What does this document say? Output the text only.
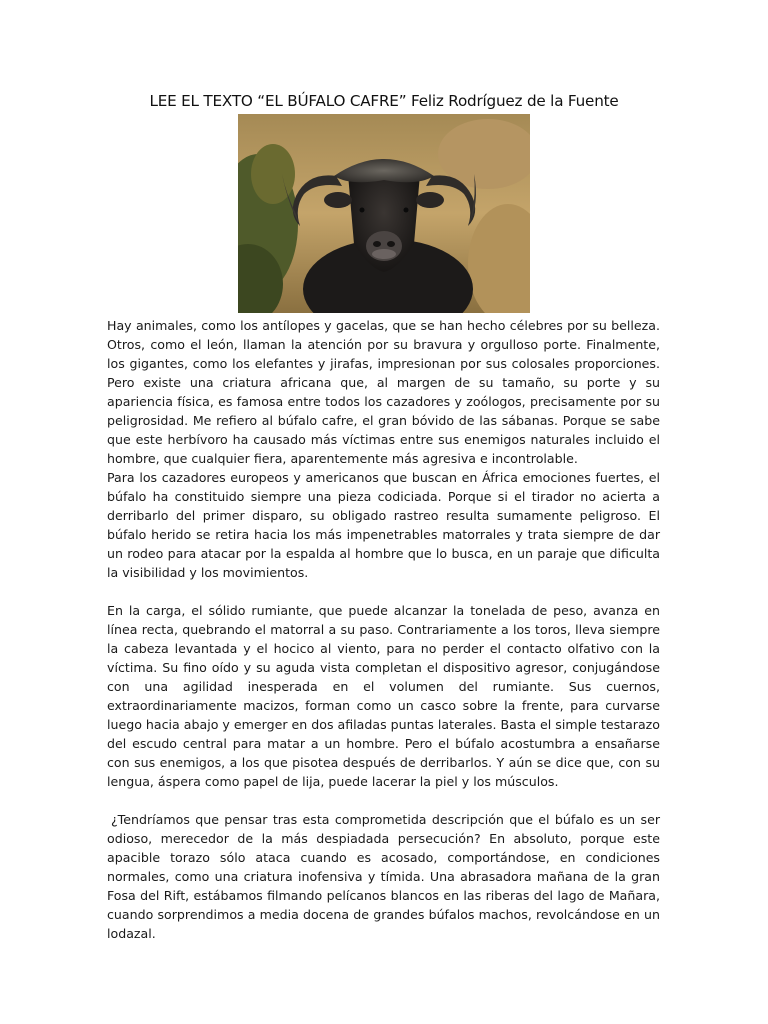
LEE EL TEXTO “EL BÚFALO CAFRE” Feliz Rodríguez de la Fuente

Hay animales, como los antílopes y gacelas, que se han hecho célebres por su belleza. Otros, como el león, llaman la atención por su bravura y orgulloso porte. Finalmente, los gigantes, como los elefantes y jirafas, impresionan por sus colosales proporciones. Pero existe una criatura africana que, al margen de su tamaño, su porte y su apariencia física, es famosa entre todos los cazadores y zoólogos, precisamente por su peligrosidad. Me refiero al búfalo cafre, el gran bóvido de las sábanas. Porque se sabe que este herbívoro ha causado más víctimas entre sus enemigos naturales incluido el hombre, que cualquier fiera, aparentemente más agresiva e incontrolable.

Para los cazadores europeos y americanos que buscan en África emociones fuertes, el búfalo ha constituido siempre una pieza codiciada. Porque si el tirador no acierta a derribarlo del primer disparo, su obligado rastreo resulta sumamente peligroso. El búfalo herido se retira hacia los más impenetrables matorrales y trata siempre de dar un rodeo para atacar por la espalda al hombre que lo busca, en un paraje que dificulta la visibilidad y los movimientos.

En la carga, el sólido rumiante, que puede alcanzar la tonelada de peso, avanza en línea recta, quebrando el matorral a su paso. Contrariamente a los toros, lleva siempre la cabeza levantada y el hocico al viento, para no perder el contacto olfativo con la víctima. Su fino oído y su aguda vista completan el dispositivo agresor, conjugándose con una agilidad inesperada en el volumen del rumiante. Sus cuernos, extraordinariamente macizos, forman como un casco sobre la frente, para curvarse luego hacia abajo y emerger en dos afiladas puntas laterales. Basta el simple testarazo del escudo central para matar a un hombre. Pero el búfalo acostumbra a ensañarse con sus enemigos, a los que pisotea después de derribarlos. Y aún se dice que, con su lengua, áspera como papel de lija, puede lacerar la piel y los músculos.

¿Tendríamos que pensar tras esta comprometida descripción que el búfalo es un ser odioso, merecedor de la más despiadada persecución? En absoluto, porque este apacible torazo sólo ataca cuando es acosado, comportándose, en condiciones normales, como una criatura inofensiva y tímida. Una abrasadora mañana de la gran Fosa del Rift, estábamos filmando pelícanos blancos en las riberas del lago de Mañara, cuando sorprendimos a media docena de grandes búfalos machos, revolcándose en un lodazal.
